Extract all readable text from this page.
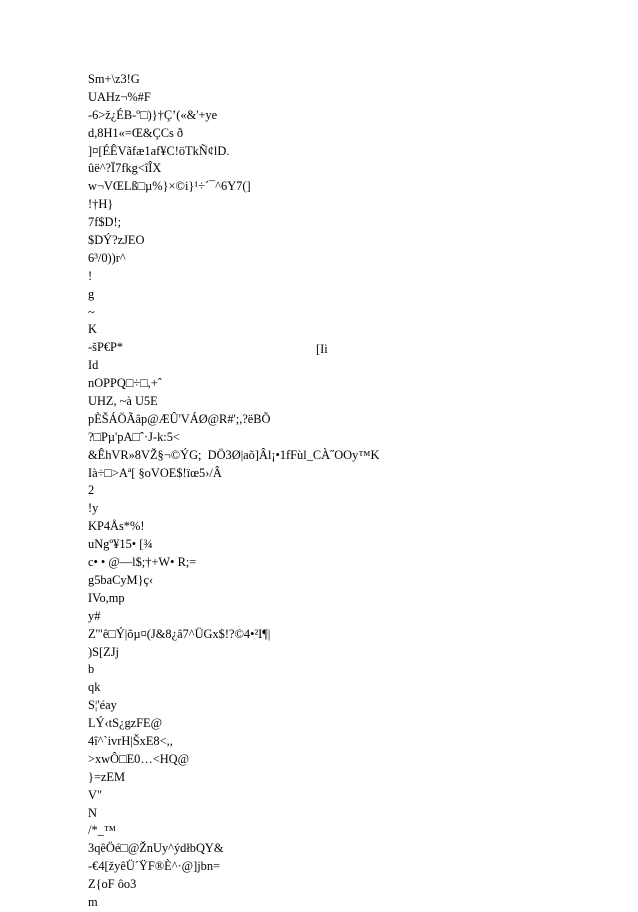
Sm+\z3!G
UAHz¬%#F
-6>ž¿ÉB-º□)}†Ç’(«&'+ye
d,8H1«=Œ&ÇCs ð
]¤[ÉÊVãfæ1af¥C!öTkÑ¢lD.
ûë^?Ï7fkg<îÎX
w¬VŒLß□µ%}×©i}¹÷´¯^6Y7(]
!†H}
7f$D!;
$DÝ?zJEO
6³/0))r^
!
g
~
K
-šP€P*
Id
nOPPQ□÷□,+ˆ
UHZ, ~à U5E
pÈŠÁÖÃâp@ÆÛ'VÁØ@R#';,?ëBÕ
?□Pµ'pA□ˆ·J-k:5<
&ÊhVR»8VŽ§¬©ÝG;  DÖ3Ø|aõ]Âl¡•1fFùl_CÀ˝OOy™K
Ià÷□>Aª[ §oVOE$!ïœ5›/Â
2
!y
KP4Ås*%!
uNgº¥15• [¾
c• • @—l$;†+W• R;=
g5baCyM}ç‹
IVo,mp
y#
Z'"ê□Ý|õµ¤(J&8¿â7^ÜGx$!?©4•²I¶|
)S[ZJj
b
qk
S¦'éay
LÝ‹tS¿gzFE@
4î^`ivrH|ŠxE8<,,
>xwÔ□E0…<HQ@
}=zEM
V"
N
/*_™
3qêÖé□@ŽnUy^ýdłbQY&
-€4[žyêÜ´ŸF®È^·@]jbn=
Z{oF ôo3
m
[Ii
